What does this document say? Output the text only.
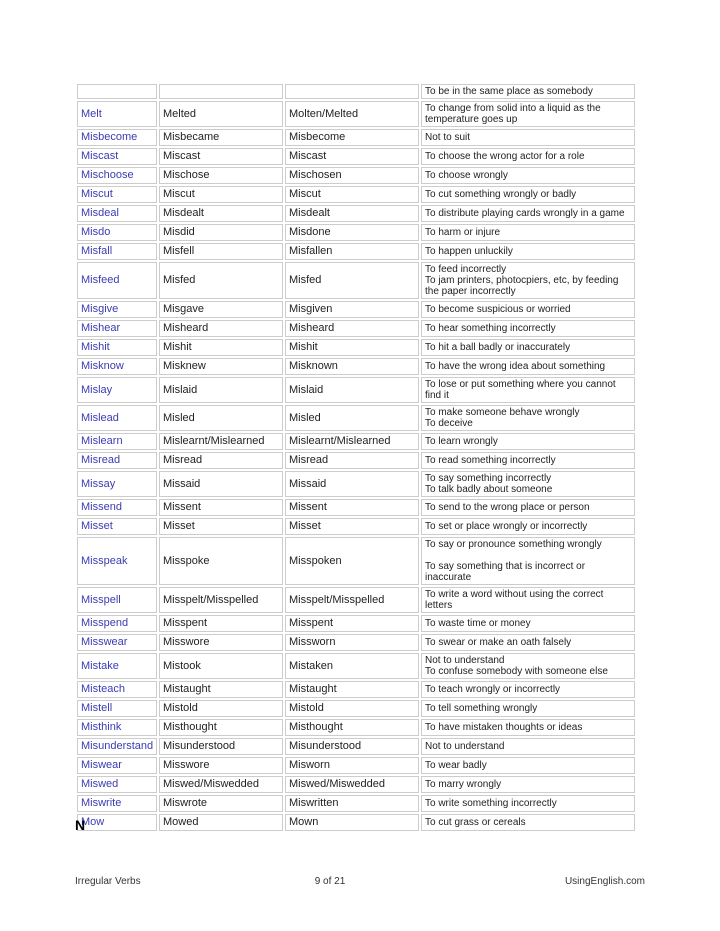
			To be in the same place as somebody

Melt	Melted	Molten/Melted	To change from solid into a liquid as the
temperature goes up

Misbecome	Misbecame	Misbecome	Not to suit

Miscast	Miscast	Miscast	To choose the wrong actor for a role

Mischoose	Mischose	Mischosen	To choose wrongly

Miscut	Miscut	Miscut	To cut something wrongly or badly

Misdeal	Misdealt	Misdealt	To distribute playing cards wrongly in a game

Misdo	Misdid	Misdone	To harm or injure

Misfall	Misfell	Misfallen	To happen unluckily

Misfeed	Misfed	Misfed	To feed incorrectly
To jam printers, photocpiers, etc, by feeding
the paper incorrectly

Misgive	Misgave	Misgiven	To become suspicious or worried

Mishear	Misheard	Misheard	To hear something incorrectly

Mishit	Mishit	Mishit	To hit a ball badly or inaccurately

Misknow	Misknew	Misknown	To have the wrong idea about something

Mislay	Mislaid	Mislaid	To lose or put something where you cannot
find it

Mislead	Misled	Misled	To make someone behave wrongly
To deceive

Mislearn	Mislearnt/Mislearned	Mislearnt/Mislearned	To learn wrongly

Misread	Misread	Misread	To read something incorrectly

Missay	Missaid	Missaid	To say something incorrectly
To talk badly about someone

Missend	Missent	Missent	To send to the wrong place or person

Misset	Misset	Misset	To set or place wrongly or incorrectly

Misspeak	Misspoke	Misspoken	To say or pronounce something wrongly

To say something that is incorrect or
inaccurate

Misspell	Misspelt/Misspelled	Misspelt/Misspelled	To write a word without using the correct
letters

Misspend	Misspent	Misspent	To waste time or money

Misswear	Misswore	Missworn	To swear or make an oath falsely

Mistake	Mistook	Mistaken	Not to understand
To confuse somebody with someone else

Misteach	Mistaught	Mistaught	To teach wrongly or incorrectly

Mistell	Mistold	Mistold	To tell something wrongly

Misthink	Misthought	Misthought	To have mistaken thoughts or ideas

Misunderstand	Misunderstood	Misunderstood	Not to understand

Miswear	Misswore	Misworn	To wear badly

Miswed	Miswed/Miswedded	Miswed/Miswedded	To marry wrongly

Miswrite	Miswrote	Miswritten	To write something incorrectly

Mow	Mowed	Mown	To cut grass or cereals
N
Irregular Verbs	9 of 21	UsingEnglish.com
